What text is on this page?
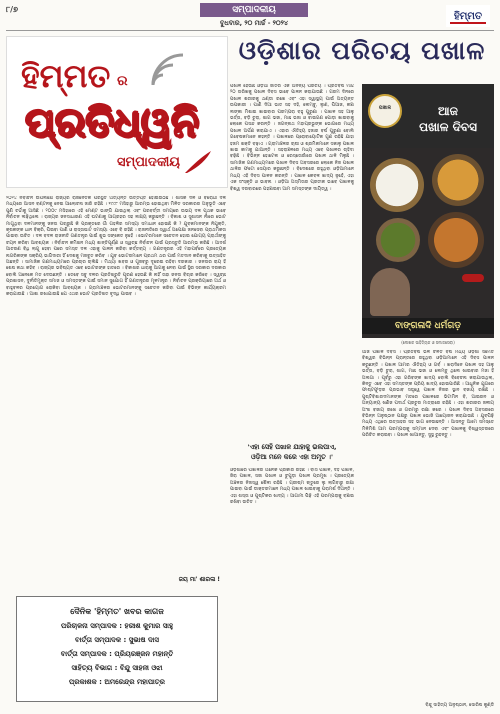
୮/୭	ସମ୍ପାଦକୀୟ
ବୁଧବାର, ୨୦ ମାର୍ଚ୍ଚ - ୨୦୨୪
ହିମ୍ମତ
ହିମ୍ମତ ର
ପ୍ରତିଧ୍ୱନି
ସମ୍ପାଦକୀୟ
୨୦୨୪ ନିର୍ବାଚନ ଉପଲକ୍ଷେ ରାଜ୍ୟର ରାଜନୈତିକ ପରିସ୍ଥିତି ଅତ୍ୟନ୍ତ ଉତ୍ତପ୍ତ ହୋଇଉଠିଛି । ଶାସକ ଦଳ ଓ ବିରୋଧୀ ଦଳ ମଧ୍ୟରେ ଆସନ ବଣ୍ଟନକୁ ନେଇ ଆଲୋଚନା ଜାରି ରହିଛି । ୧୯୯୮ ମସିହାରୁ ଆରମ୍ଭ ହୋଇଥିବା ମିଳିତ ସରକାରର ଅନୁଭୂତି ଏବେ ପୁଣି ଚର୍ଚ୍ଚାକୁ ଆସିଛି । ୨୦୦୯ ମସିହାରେ ଏହି ମେଣ୍ଟ ଭାଙ୍ଗି ଯାଇଥିଲା ଏବଂ ପରବର୍ତ୍ତୀ ସମୟରେ ଉଭୟ ଦଳ ପୃଥକ ଭାବେ ନିର୍ବାଚନ ଲଢ଼ିଥିଲେ । ରାଜ୍ୟର ଜନସାଧାରଣ ଏହି ଘଟଣାକୁ ଆଗ୍ରହର ସହ ଲକ୍ଷ୍ୟ କରୁଛନ୍ତି । ବିକାଶ ଓ ସୁଶାସନ ନାଁରେ ଭୋଟ ମାଗୁଥିବା ଦଳମାନଙ୍କୁ ଜନତା ପଚାରୁଛି କି ପ୍ରକୃତରେ ଗାଁ ଗହଳିର ସମସ୍ୟା ସମାଧାନ ହୋଇଛି କି ? ଯୁବକମାନଙ୍କ ନିଯୁକ୍ତି, କୃଷକଙ୍କ ଧାନ ବିକ୍ରି, ପିଇବା ପାଣି ଓ ରାସ୍ତାଘାଟ ସମସ୍ୟା ଏବେ ବି ରହିଛି । ରାଜନୀତିରେ ସ୍ୱାର୍ଥ ଅପେକ୍ଷା ଜନସେବା ପ୍ରାଥମିକତା ପାଇବା ଉଚିତ । ଦଳ ବଦଳ ରାଜନୀତି ଗଣତନ୍ତ୍ର ପାଇଁ ଶୁଭ ସଙ୍କେତ ନୁହେଁ । ଭୋଟରମାନେ ସଚେତନ ହୋଇ ଯୋଗ୍ୟ ପ୍ରାର୍ଥୀଙ୍କୁ ଚୟନ କରିବା ଆବଶ୍ୟକ । ନିର୍ବାଚନ କମିଶନ ମଧ୍ୟ ଶାନ୍ତିପୂର୍ଣ୍ଣ ଓ ସ୍ୱଚ୍ଛ ନିର୍ବାଚନ ପାଇଁ ପ୍ରସ୍ତୁତି ଆରମ୍ଭ କରିଛି । ଆଦର୍ଶ ଆଚରଣ ବିଧି ଲାଗୁ ହେବା ପରେ ସମସ୍ତ ଦଳ ଏହାକୁ ପାଳନ କରିବା କର୍ତ୍ତବ୍ୟ । ଗଣତନ୍ତ୍ରର ଏହି ମହାପର୍ବରେ ପ୍ରତ୍ୟେକ ନାଗରିକଙ୍କ ସକ୍ରିୟ ଭାଗିଦାରୀ ହିଁ ଦେଶକୁ ମଜବୁତ କରିବ । ଯୁବ ଭୋଟରମାନେ ପ୍ରଥମ ଥର ପାଇଁ ମତଦାନ କରିବାକୁ ଉତ୍ସାହିତ ଅଛନ୍ତି । ସାମାଜିକ ଗଣମାଧ୍ୟମରେ ପ୍ରଚାର ଚାଲିଛି । ମିଥ୍ୟା ଖବର ଓ ଗୁଜବରୁ ଦୂରେଇ ରହିବା ଦରକାର । ଜନତାର ରାୟ ହିଁ ଶେଷ କଥା କହିବ । ରାଜ୍ୟର ଭବିଷ୍ୟତ ଏବେ ଭୋଟରଙ୍କ ହାତରେ । ବିକାଶର ଧାରାକୁ ଆଗକୁ ନେବା ପାଇଁ ସ୍ଥିର ସରକାର ଦରକାର ବୋଲି ଅନେକେ ମତ ଦେଉଛନ୍ତି । ତେବେ ସବୁ ଦଳର ପ୍ରତିଶ୍ରୁତି ପୂରଣ ହେଉଛି କି ନାହିଁ ତାହା ଜନତା ବିଚାର କରିବେ । ସ୍ୱଚ୍ଛ ପ୍ରଶାସନ, ଦୁର୍ନୀତିମୁକ୍ତ ସମାଜ ଓ ସମସ୍ତଙ୍କ ପାଇଁ ସମାନ ସୁଯୋଗ ହିଁ ଗଣତନ୍ତ୍ରର ମୂଳମନ୍ତ୍ର । ନିର୍ବାଚନ ପ୍ରକ୍ରିୟାରେ ଅର୍ଥ ଓ ବାହୁବଳର ପ୍ରୟୋଗ ରୋକିବା ଆବଶ୍ୟକ । ଗ୍ରାମାଞ୍ଚଳର ଭୋଟରମାନଙ୍କୁ ସଚେତନ କରିବା ପାଇଁ ବିଭିନ୍ନ କାର୍ଯ୍ୟକ୍ରମ କରାଯାଉଛି । ଆଶା ରଖାଯାଉଛି ଯେ ଏଥର ଭୋଟ ପ୍ରତିଶତ ବୃଦ୍ଧି ପାଇବ ।
ଜୟ ମା' ଶାରଳା !
ଦୈନିକ 'ହିମ୍ମତ' ଖବର କାଗଜ
ପରିଚାଳନା ସମ୍ପାଦକ : ହରୀଶ କୁମାର ସାହୁ
ବାର୍ତ୍ତା ସମ୍ପାଦକ : ସୁଭାଷ ଦାସ
ବାର୍ତ୍ତା ସମ୍ପାଦକ : ପ୍ରିୟରଞ୍ଜନ ମହାନ୍ତି
ସାହିତ୍ୟ ବିଭାଗ : ବିନ୍ଦୁ ସାହନୀ ଓଝା
ପ୍ରକାଶକ : ଅମରେନ୍ଦ୍ର ମହାପାତ୍ର
ଓଡ଼ିଶାର ପରିଚୟ ପଖାଳ
ପଖାଳ ହେଉଛି ଓଡ଼ିଆ ଜାତିର ଏକ ଅନନ୍ୟ ପରିଚୟ । ପ୍ରତିବର୍ଷ ମାର୍ଚ୍ଚ ୨୦ ତାରିଖକୁ ପଖାଳ ଦିବସ ଭାବେ ପାଳନ କରାଯାଉଛି । ଗରମ ଦିନରେ ପଖାଳ ଶରୀରକୁ ଥଣ୍ଡା ରଖେ ଏବଂ ଏହା ସ୍ୱାସ୍ଥ୍ୟ ପାଇଁ ଅତ୍ୟନ୍ତ ଉପକାରୀ । ପାଣି ଦିଆ ଭାତ ସହ ଦହି, ଲେମ୍ବୁ, ଲୁଣ, ପିଆଜ, କଞ୍ଚା ଲଙ୍କା ମିଶାଇ ଖାଇବାର ପରମ୍ପରା ବହୁ ପୁରୁଣା । ପଖାଳ ସହ ଆଳୁ ଭର୍ତ୍ତା, ବଡ଼ି ଚୁରା, ଶାଗ ଭଜା, ମାଛ ଭଜା ଓ ବାଇଗଣ ପୋଡ଼ା ଖାଇବାକୁ ଲୋକେ ପସନ୍ଦ କରନ୍ତି । ଜଗନ୍ନାଥ ମହାପ୍ରଭୁଙ୍କ ଭୋଗରେ ମଧ୍ୟ ପଖାଳ ଅର୍ପଣ କରାଯାଏ । ଏହାର ଐତିହ୍ୟ ହଜାର ବର୍ଷ ପୁରୁଣା ବୋଲି ଗବେଷକମାନେ କହନ୍ତି । ପଖାଳରେ ପ୍ରୋବାୟୋଟିକ ଗୁଣ ରହିଛି ଯାହା ହଜମ ଶକ୍ତି ବଢ଼ାଏ । ଗ୍ରାମାଞ୍ଚଳର ଚାଷୀ ଓ ଶ୍ରମିକମାନେ ସକାଳୁ ପଖାଳ ଖାଇ କାମକୁ ଯାଆନ୍ତି । ସହରାଞ୍ଚଳରେ ମଧ୍ୟ ଏବେ ପଖାଳର ଚାହିଦା ବଢ଼ିଛି । ବିଭିନ୍ନ ହୋଟେଲ ଓ ରେସ୍ତୋରାଁରେ ପଖାଳ ଥାଳି ମିଳୁଛି । ସାମାଜିକ ଗଣମାଧ୍ୟମରେ ପଖାଳ ଦିବସ ଅବସରରେ ଲୋକେ ନିଜ ପଖାଳ ଥାଳିର ଫଟୋ ସେୟାର କରୁଛନ୍ତି । ବିଦେଶରେ ରହୁଥିବା ଓଡ଼ିଆମାନେ ମଧ୍ୟ ଏହି ଦିବସ ପାଳନ କରନ୍ତି । ପଖାଳ କେବଳ ଖାଦ୍ୟ ନୁହେଁ, ଏହା ଏକ ସଂସ୍କୃତି ଓ ଭାବନା । ଓଡ଼ିଆ ଅସ୍ମିତାର ପ୍ରତୀକ ଭାବେ ପଖାଳକୁ ବିଶ୍ୱ ଦରବାରରେ ପହଞ୍ଚାଇବା ଆମ ସମସ୍ତଙ୍କ ଦାୟିତ୍ୱ ।
'ଏହା ସେହି ପଖାଳ ଯାହାକୁ ଭଲପାଏ,
ଓଡ଼ିଆ ମନେ କରେ ଏହା ଅମୃତ ।'
ଓଡ଼ିଶାରେ ପଖାଳର ଅନେକ ପ୍ରକାର ରହିଛି । ବାସି ପଖାଳ, ଦହି ପଖାଳ, ଜିରା ପଖାଳ, ସଜା ପଖାଳ ଓ ଚୁପୁଡ଼ା ପଖାଳ ପ୍ରମୁଖ । ପ୍ରତ୍ୟେକ ଅଞ୍ଚଳର ନିଜସ୍ୱ ଶୈଳୀ ରହିଛି । ଗ୍ରୀଷ୍ମ ଋତୁରେ ଲୁ ଲାଗିବାରୁ ରକ୍ଷା ପାଇବା ପାଇଁ ଡାକ୍ତରମାନେ ମଧ୍ୟ ପଖାଳ ଖାଇବାକୁ ପରାମର୍ଶ ଦିଅନ୍ତି । ଏହା ଶସ୍ତା ଓ ପୁଷ୍ଟିକର ଖାଦ୍ୟ । ଆଗାମୀ ପିଢ଼ି ଏହି ପରମ୍ପରାକୁ ବଞ୍ଚାଇ ରଖିବା ଉଚିତ ।
ପଖାଳ	ଆଜ
ପଖାଳ ଦିବସ
ବାଙ୍ଗଳାଦି ଧର୍ମଗଡ଼
(ଲେଖକ ସାହିତ୍ୟିକ ଓ ସମାଜସେବୀ)
ଆଜି ପଖାଳ ଦିବସ । ପ୍ରତିବର୍ଷ ଭଳି ଚଳିତ ବର୍ଷ ମଧ୍ୟ ଓଡ଼ିଶା ସମେତ ବିଶ୍ୱର ବିଭିନ୍ନ ପ୍ରାନ୍ତରେ ରହୁଥିବା ଓଡ଼ିଆମାନେ ଏହି ଦିବସ ପାଳନ କରୁଛନ୍ତି । ପଖାଳ ଆମର ଐତିହ୍ୟ ଓ ଗର୍ବ । ଖରାଦିନେ ପଖାଳ ସହ ଆଳୁ ଭର୍ତ୍ତା, ବଡ଼ି ଚୁରା, ଶାଗ, ମାଛ ଭଜା ଓ ଲେମ୍ବୁ ଥିଲେ ଖାଇବାର ମଜା ହିଁ ଅଲଗା । ପୂର୍ବରୁ ଏହା ଗରିବଙ୍କ ଖାଦ୍ୟ ବୋଲି ବିବେଚନା କରାଯାଉଥିଲା, କିନ୍ତୁ ଏବେ ଏହା ସମସ୍ତଙ୍କ ପ୍ରିୟ ଖାଦ୍ୟ ହୋଇପାରିଛି । ଆଧୁନିକ ଯୁଗରେ ଫାଷ୍ଟଫୁଡ଼ର ପ୍ରଭାବ ସତ୍ତ୍ୱେ ପଖାଳ ନିଜର ସ୍ଥାନ ବଜାୟ ରଖିଛି । ପୁଷ୍ଟିବିଶାରଦମାନଙ୍କ ମତରେ ପଖାଳରେ ଭିଟାମିନ ବି, ଆଇରନ ଓ ଅନ୍ୟାନ୍ୟ ଖଣିଜ ପଦାର୍ଥ ପ୍ରଚୁର ମାତ୍ରାରେ ରହିଛି । ଏହା ଶରୀରର ଜଳୀୟ ଅଂଶ ବଜାୟ ରଖେ ଓ ଗରମରୁ ରକ୍ଷା କରେ । ପଖାଳ ଦିବସ ଅବସରରେ ବିଭିନ୍ନ ଅନୁଷ୍ଠାନ ପକ୍ଷରୁ ପଖାଳ ଭୋଜି ଆୟୋଜନ କରାଯାଉଛି । ଯୁବପିଢ଼ି ମଧ୍ୟ ଏଥିରେ ଉତ୍ସାହର ସହ ଭାଗ ନେଉଛନ୍ତି । ଆସନ୍ତୁ ଆମେ ସମସ୍ତେ ମିଳିମିଶି ଆମ ପରମ୍ପରାକୁ ସମ୍ମାନ ଦେବା ଏବଂ ପଖାଳକୁ ବିଶ୍ୱସ୍ତରରେ ପରିଚିତ କରାଇବା । ପଖାଳ ଖାଆନ୍ତୁ, ସୁସ୍ଥ ରୁହନ୍ତୁ ।
ବିନ୍ଦୁ ସାହିତ୍ୟ ଅନୁଷ୍ଠାନ, ସୋରିଷ କୁଣ୍ଡି
